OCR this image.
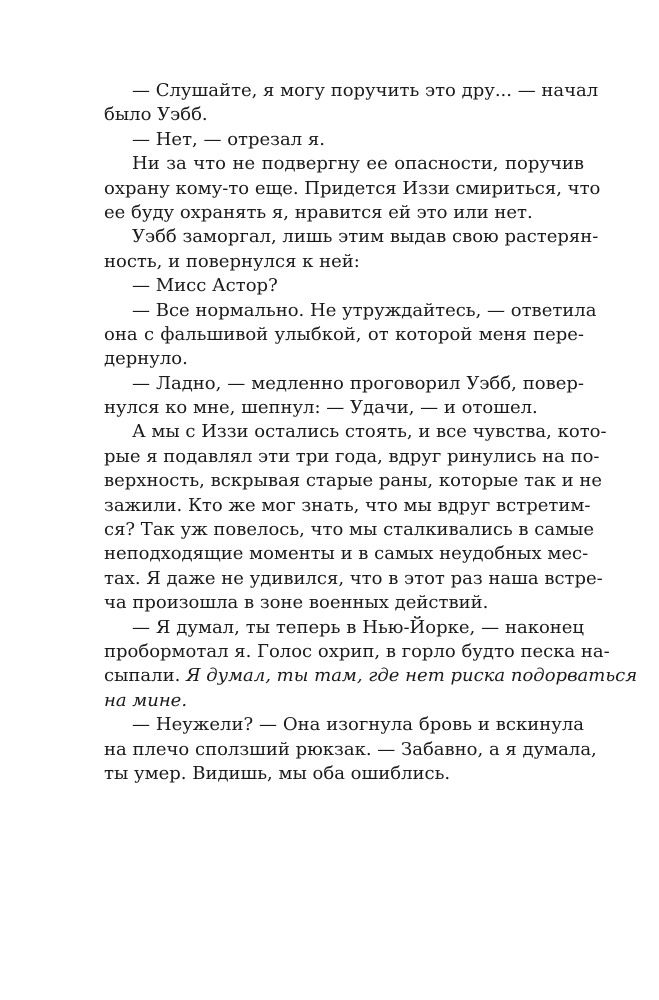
— Слушайте, я могу поручить это дру... — начал
было Уэбб.
— Нет, — отрезал я.
Ни за что не подвергну ее опасности, поручив
охрану кому-то еще. Придется Иззи смириться, что
ее буду охранять я, нравится ей это или нет.
Уэбб заморгал, лишь этим выдав свою растерян-
ность, и повернулся к ней:
— Мисс Астор?
— Все нормально. Не утруждайтесь, — ответила
она с фальшивой улыбкой, от которой меня пере-
дернуло.
— Ладно, — медленно проговорил Уэбб, повер-
нулся ко мне, шепнул: — Удачи, — и отошел.
А мы с Иззи остались стоять, и все чувства, кото-
рые я подавлял эти три года, вдруг ринулись на по-
верхность, вскрывая старые раны, которые так и не
зажили. Кто же мог знать, что мы вдруг встретим-
ся? Так уж повелось, что мы сталкивались в самые
неподходящие моменты и в самых неудобных мес-
тах. Я даже не удивился, что в этот раз наша встре-
ча произошла в зоне военных действий.
— Я думал, ты теперь в Нью-Йорке, — наконец
пробормотал я. Голос охрип, в горло будто песка на-
сыпали. Я думал, ты там, где нет риска подорваться
на мине.
— Неужели? — Она изогнула бровь и вскинула
на плечо сползший рюкзак. — Забавно, а я думала,
ты умер. Видишь, мы оба ошиблись.
